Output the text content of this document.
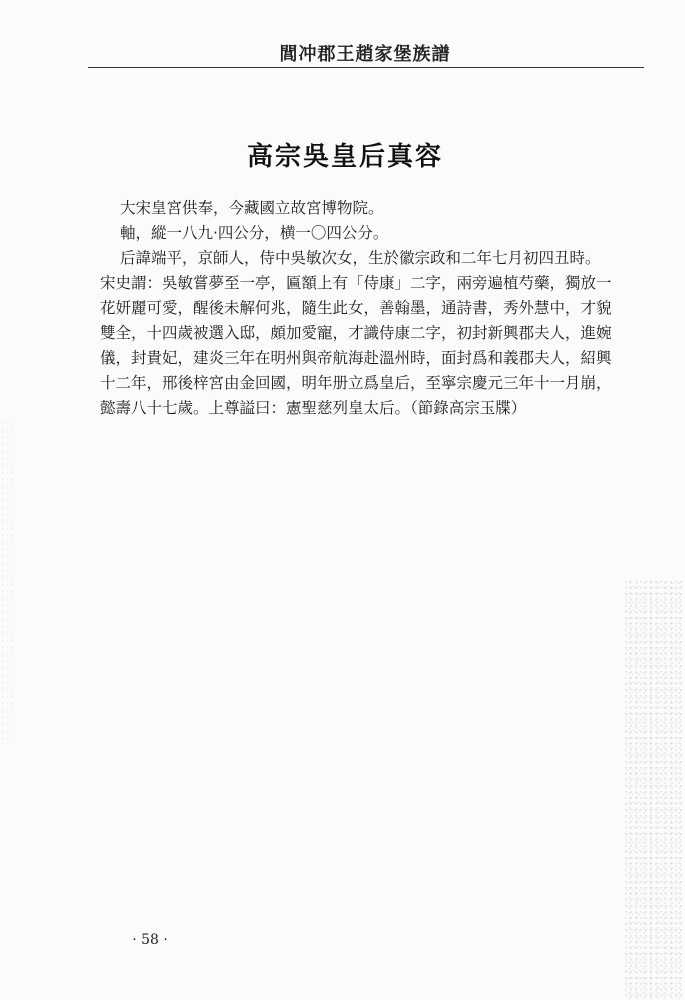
閭冲郡王趙家堡族譜
高宗吳皇后真容

大宋皇宮供奉，今藏國立故宮博物院。

軸，縱一八九·四公分，横一〇四公分。

后諱端平，京師人，侍中吳敏次女，生於徽宗政和二年七月初四丑時。宋史謂：吳敏嘗夢至一亭，匾額上有「侍康」二字，兩旁遍植芍藥，獨放一花妍麗可愛，醒後未解何兆，隨生此女，善翰墨，通詩書，秀外慧中，才貌雙全，十四歲被選入邸，頗加愛寵，才識侍康二字，初封新興郡夫人，進婉儀，封貴妃，建炎三年在明州與帝航海赴溫州時，面封爲和義郡夫人，紹興十二年，邢後梓宮由金回國，明年册立爲皇后，至寧宗慶元三年十一月崩，懿壽八十七歲。上尊謚曰：憲聖慈列皇太后。（節錄高宗玉牒）

· 58 ·
